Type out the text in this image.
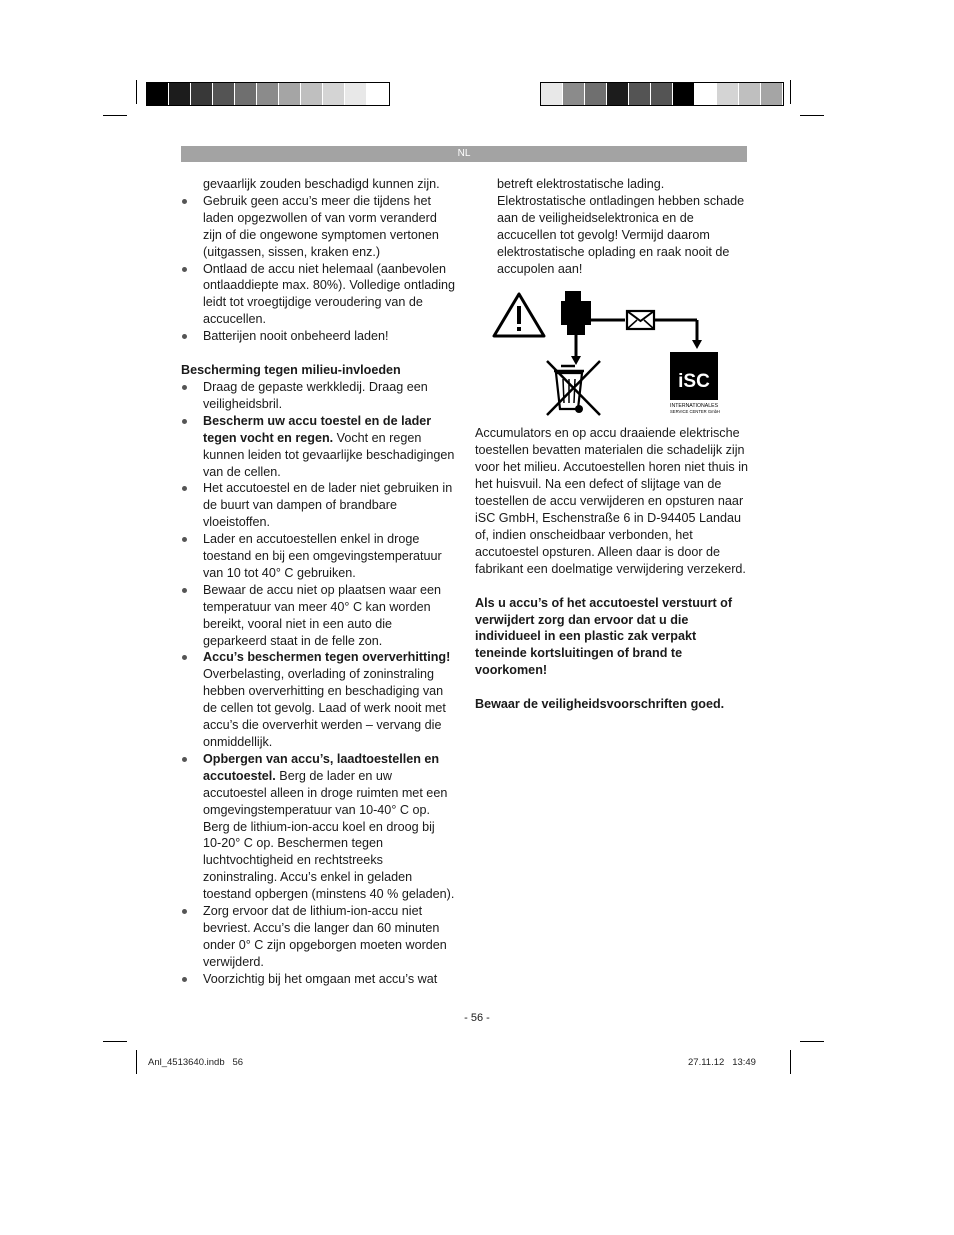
NL

gevaarlijk zouden beschadigd kunnen zijn.

Gebruik geen accu’s meer die tijdens het laden opgezwollen of van vorm veranderd zijn of die ongewone symptomen vertonen (uitgassen, sissen, kraken enz.)

Ontlaad de accu niet helemaal (aanbevolen ontlaaddiepte max. 80%). Volledige ontlading leidt tot vroegtijdige veroudering van de accucellen.

Batterijen nooit onbeheerd laden!

Bescherming tegen milieu-invloeden

Draag de gepaste werkkledij. Draag een veiligheidsbril.

Bescherm uw accu toestel en de lader tegen vocht en regen. Vocht en regen kunnen leiden tot gevaarlijke beschadigingen van de cellen.

Het accutoestel en de lader niet gebruiken in de buurt van dampen of brandbare vloeistoffen.

Lader en accutoestellen enkel in droge toestand en bij een omgevingstemperatuur van 10 tot 40° C gebruiken.

Bewaar de accu niet op plaatsen waar een temperatuur van meer 40° C kan worden bereikt, vooral niet in een auto die geparkeerd staat in de felle zon.

Accu’s beschermen tegen oververhitting! Overbelasting, overlading of zoninstraling hebben oververhitting en beschadiging van de cellen tot gevolg. Laad of werk nooit met accu’s die oververhit werden – vervang die onmiddellijk.

Opbergen van accu’s, laadtoestellen en accutoestel. Berg de lader en uw accutoestel alleen in droge ruimten met een omgevingstemperatuur van 10-40° C op. Berg de lithium-ion-accu koel en droog bij 10-20° C op. Beschermen tegen luchtvochtigheid en rechtstreeks zoninstraling. Accu’s enkel in geladen toestand opbergen (minstens 40 % geladen).

Zorg ervoor dat de lithium-ion-accu niet bevriest. Accu’s die langer dan 60 minuten onder 0° C zijn opgeborgen moeten worden verwijderd.

Voorzichtig bij het omgaan met accu’s wat

betreft elektrostatische lading. Elektrostatische ontladingen hebben schade aan de veiligheidselektronica en de accucellen tot gevolg! Vermijd daarom elektrostatische oplading en raak nooit de accupolen aan!

iSC
INTERNATIONALES
SERVICE CENTER GmbH

Accumulators en op accu draaiende elektrische toestellen bevatten materialen die schadelijk zijn voor het milieu. Accutoestellen horen niet thuis in het huisvuil. Na een defect of slijtage van de toestellen de accu verwijderen en opsturen naar iSC GmbH, Eschenstraße 6 in D-94405 Landau of, indien onscheidbaar verbonden, het accutoestel opsturen. Alleen daar is door de fabrikant een doelmatige verwijdering verzekerd.

Als u accu’s of het accutoestel verstuurt of verwijdert zorg dan ervoor dat u die individueel in een plastic zak verpakt teneinde kortsluitingen of brand te voorkomen!

Bewaar de veiligheidsvoorschriften goed.

- 56 -
Anl_4513640.indb   56	27.11.12   13:49
